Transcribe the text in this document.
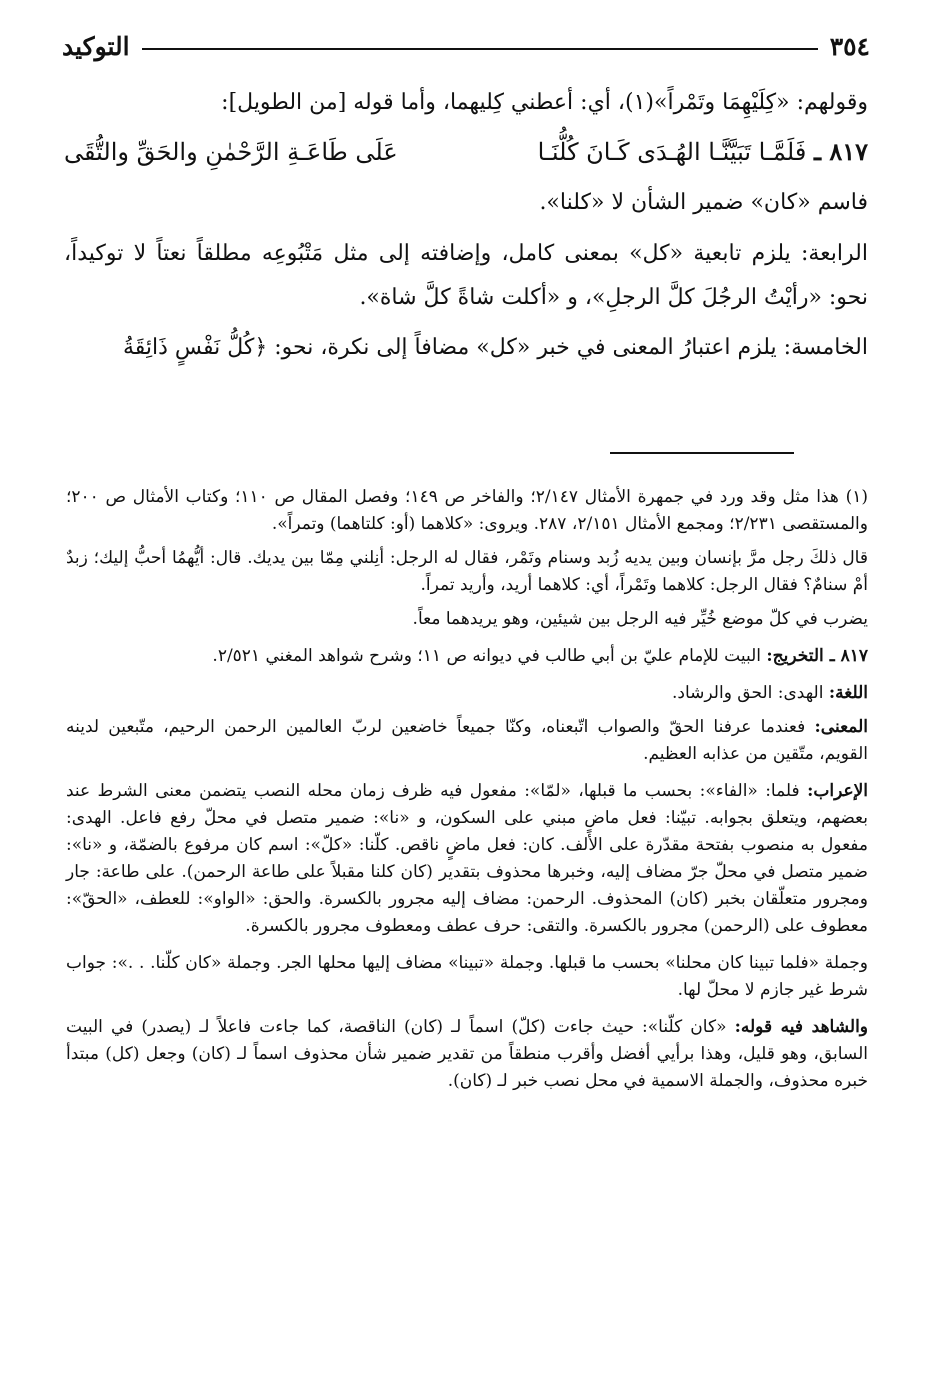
٣٥٤
التوكيد

وقولهم: «كِلَيْهِمَا وتَمْراً»(١)، أي: أعطني كِليهما، وأما قوله [من الطويل]:

٨١٧ ـ فَلَمَّـا تَبَيَّنَّـا الهُـدَى كَـانَ كُلُّنَـا
عَلَى طَاعَـةِ الرَّحْمٰنِ والحَقِّ والتُّقَى

فاسم «كان» ضمير الشأن لا «كلنا».

الرابعة: يلزم تابعية «كل» بمعنى كامل، وإضافته إلى مثل مَتْبُوعِه مطلقاً نعتاً لا توكيداً، نحو: «رأيْتُ الرجُلَ كلَّ الرجلِ»، و «أكلت شاةً كلَّ شاة».

الخامسة: يلزم اعتبارُ المعنى في خبر «كل» مضافاً إلى نكرة، نحو: ﴿كُلُّ نَفْسٍ ذَائِقَةُ

(١) هذا مثل وقد ورد في جمهرة الأمثال ٢/١٤٧؛ والفاخر ص ١٤٩؛ وفصل المقال ص ١١٠؛ وكتاب الأمثال ص ٢٠٠؛ والمستقصى ٢/٢٣١؛ ومجمع الأمثال ٢/١٥١، ٢٨٧. ويروى: «كلاهما (أو: كلتاهما) وتمراً».

قال ذلكَ رجل مرَّ بإنسان وبين يديه زُبد وسنام وتَمْر، فقال له الرجل: أنِلني مِمّا بين يديك. قال: أيُّهمُا أحبُّ إليك؛ زبدٌ أمْ سنامٌ؟ فقال الرجل: كلاهما وتَمْراً، أي: كلاهما أريد، وأريد تمراً.

يضرب في كلّ موضع خُيِّر فيه الرجل بين شيئين، وهو يريدهما معاً.

٨١٧ ـ التخريج: البيت للإمام عليّ بن أبي طالب في ديوانه ص ١١؛ وشرح شواهد المغني ٢/٥٢١.

اللغة: الهدى: الحق والرشاد.

المعنى: فعندما عرفنا الحقّ والصواب اتّبعناه، وكنّا جميعاً خاضعين لربّ العالمين الرحمن الرحيم، متّبعين لدينه القويم، متّقين من عذابه العظيم.

الإعراب: فلما: «الفاء»: بحسب ما قبلها، «لمّا»: مفعول فيه ظرف زمان محله النصب يتضمن معنى الشرط عند بعضهم، ويتعلق بجوابه. تبيّنا: فعل ماضٍ مبني على السكون، و «نا»: ضمير متصل في محلّ رفع فاعل. الهدى: مفعول به منصوب بفتحة مقدّرة على الألف. كان: فعل ماضٍ ناقص. كلّنا: «كلّ»: اسم كان مرفوع بالضمّة، و «نا»: ضمير متصل في محلّ جرّ مضاف إليه، وخبرها محذوف بتقدير (كان كلنا مقبلاً على طاعة الرحمن). على طاعة: جار ومجرور متعلّقان بخبر (كان) المحذوف. الرحمن: مضاف إليه مجرور بالكسرة. والحق: «الواو»: للعطف، «الحقّ»: معطوف على (الرحمن) مجرور بالكسرة. والتقى: حرف عطف ومعطوف مجرور بالكسرة.

وجملة «فلما تبينا كان محلنا» بحسب ما قبلها. وجملة «تبينا» مضاف إليها محلها الجر. وجملة «كان كلّنا. . .»: جواب شرط غير جازم لا محلّ لها.

والشاهد فيه قوله: «كان كلّنا»: حيث جاءت (كلّ) اسماً لـ (كان) الناقصة، كما جاءت فاعلاً لـ (يصدر) في البيت السابق، وهو قليل، وهذا برأيي أفضل وأقرب منطقاً من تقدير ضمير شأن محذوف اسماً لـ (كان) وجعل (كل) مبتدأ خبره محذوف، والجملة الاسمية في محل نصب خبر لـ (كان).
